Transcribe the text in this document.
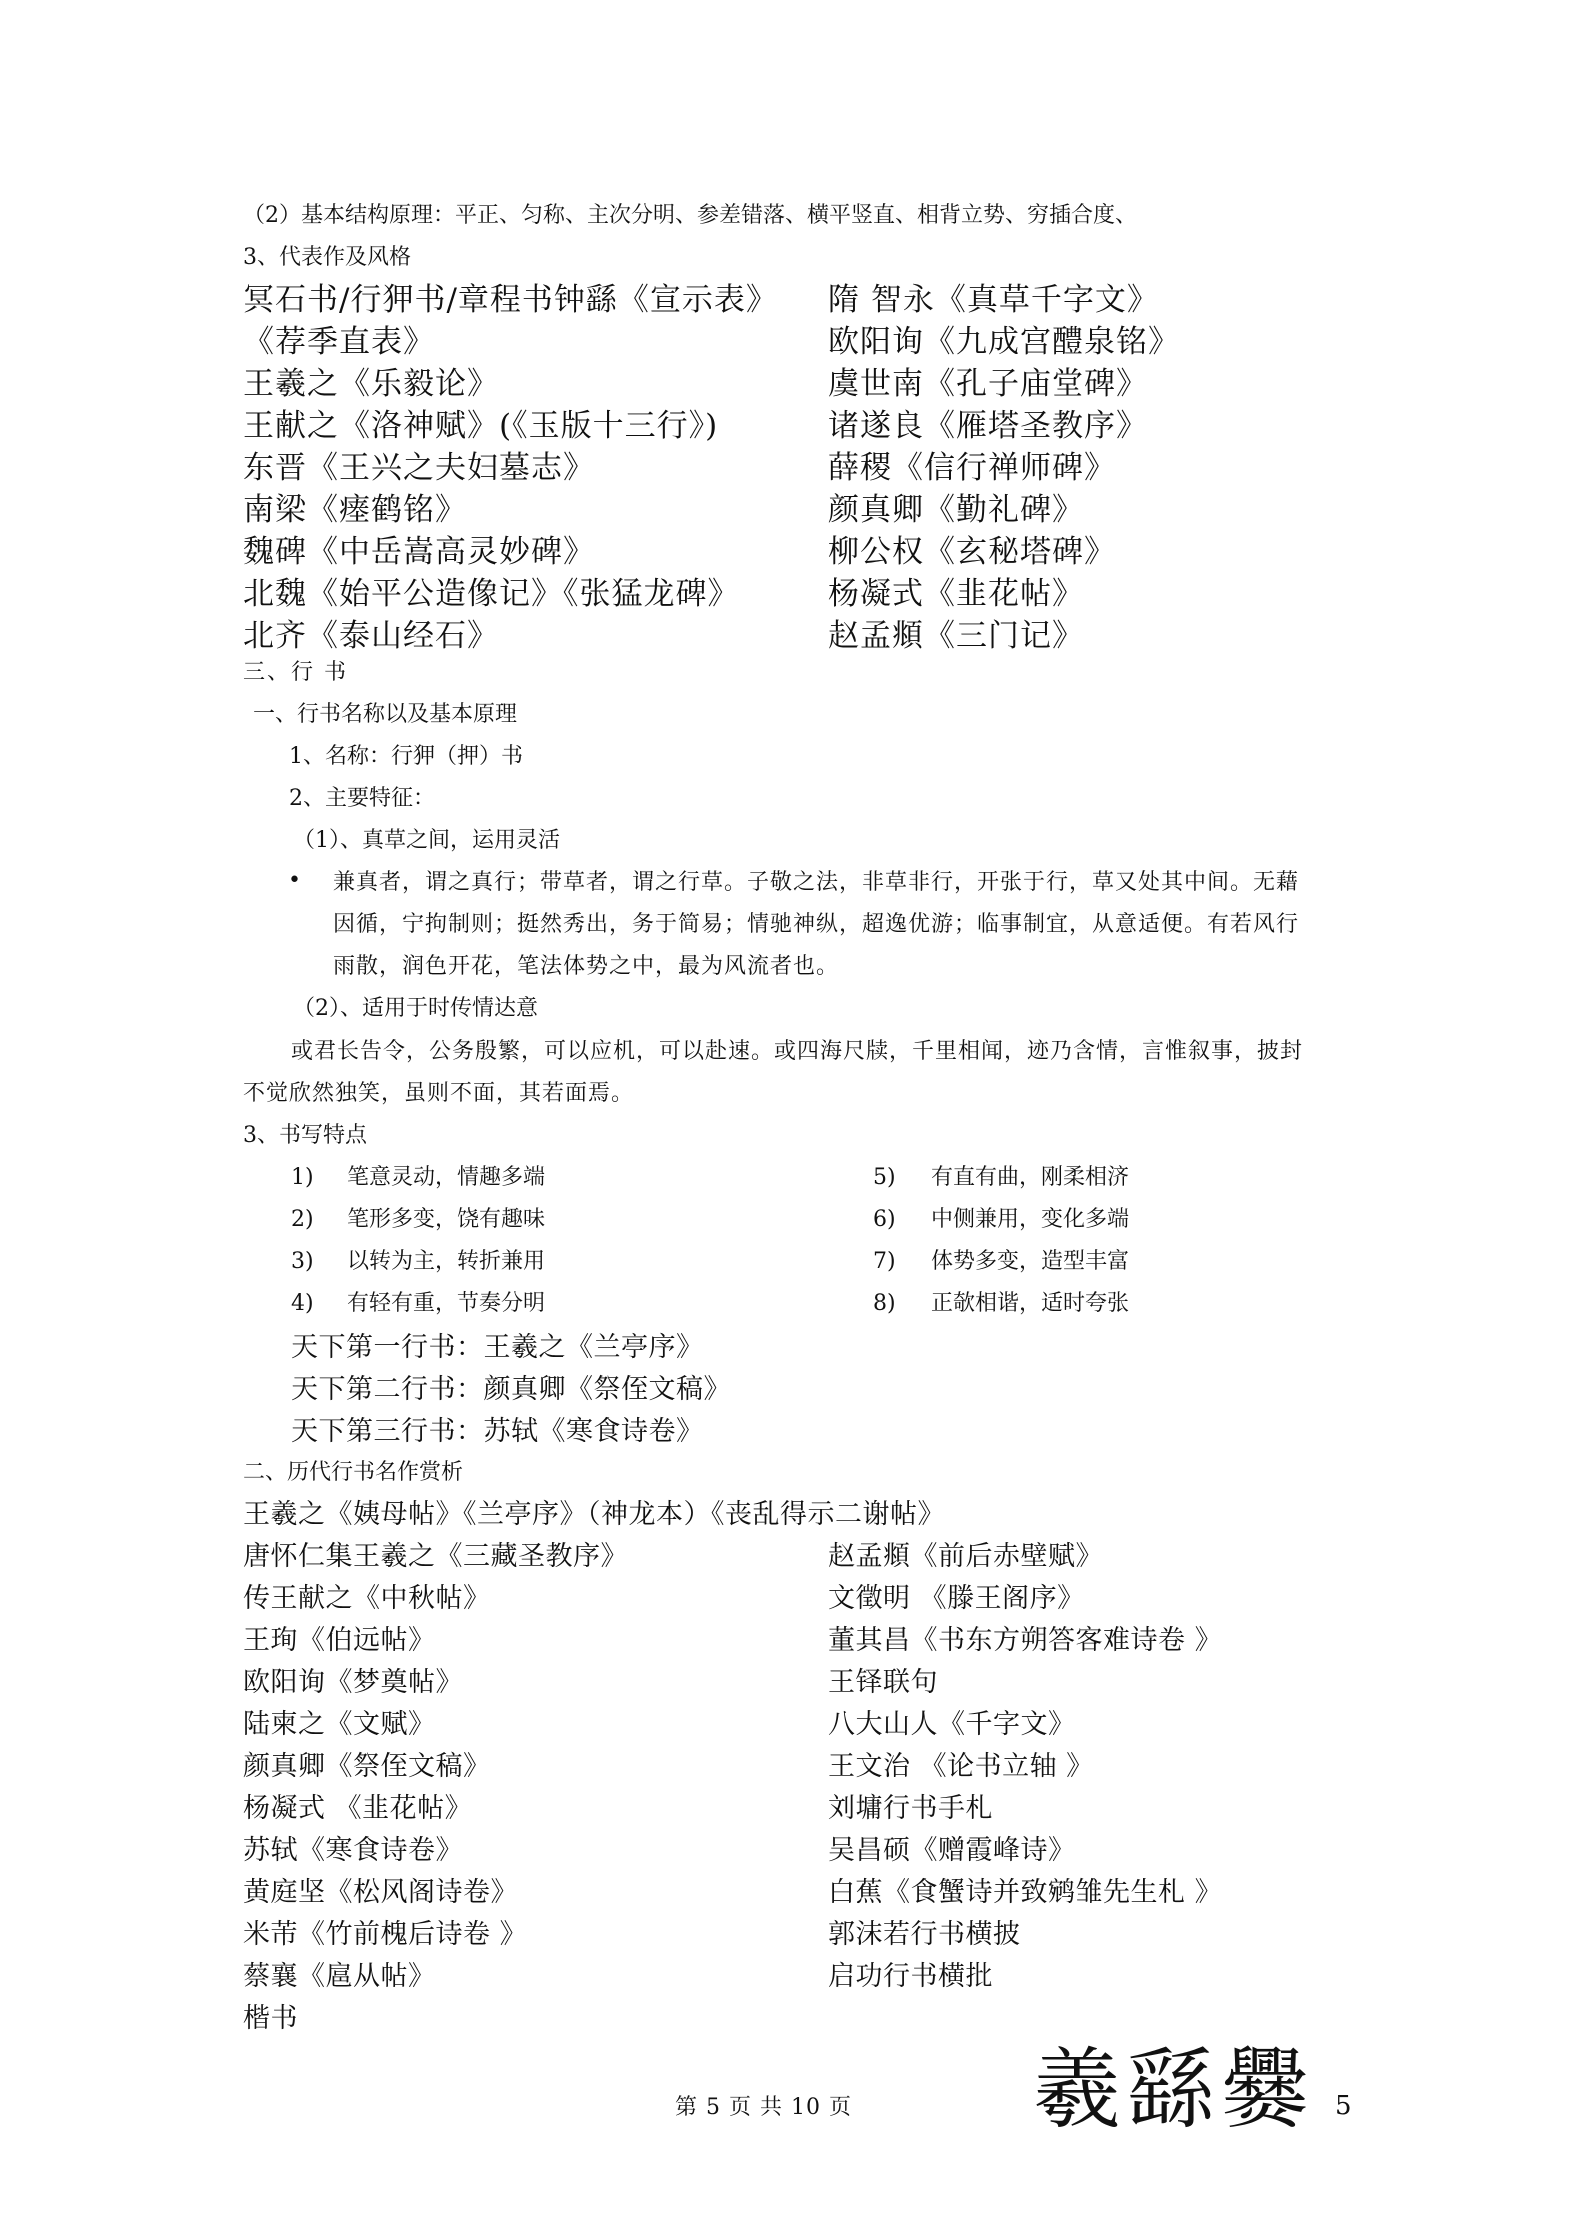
（2）基本结构原理：平正、匀称、主次分明、参差错落、横平竖直、相背立势、穷插合度、
3、代表作及风格
冥石书/行狎书/章程书钟繇《宣示表》
《荐季直表》
王羲之《乐毅论》
王献之《洛神赋》(《玉版十三行》)
东晋《王兴之夫妇墓志》
南梁《瘗鹤铭》
魏碑《中岳嵩高灵妙碑》
北魏《始平公造像记》《张猛龙碑》
北齐《泰山经石》
隋 智永《真草千字文》
欧阳询《九成宫醴泉铭》
虞世南《孔子庙堂碑》
诸遂良《雁塔圣教序》
薛稷《信行禅师碑》
颜真卿《勤礼碑》
柳公权《玄秘塔碑》
杨凝式《韭花帖》
赵孟頫《三门记》
三、行 书
一、行书名称以及基本原理
1、名称：行狎（押）书
2、主要特征：
（1）、真草之间，运用灵活
• 兼真者，谓之真行；带草者，谓之行草。子敬之法，非草非行，开张于行，草又处其中间。无藉
因循，宁拘制则；挺然秀出，务于简易；情驰神纵，超逸优游；临事制宜，从意适便。有若风行
雨散，润色开花，笔法体势之中，最为风流者也。
（2）、适用于时传情达意
或君长告令，公务殷繁，可以应机，可以赴速。或四海尺牍，千里相闻，迹乃含情，言惟叙事，披封
不觉欣然独笑，虽则不面，其若面焉。
3、书写特点
1) 笔意灵动，情趣多端
2) 笔形多变，饶有趣味
3) 以转为主，转折兼用
4) 有轻有重，节奏分明
5) 有直有曲，刚柔相济
6) 中侧兼用，变化多端
7) 体势多变，造型丰富
8) 正欹相谐，适时夸张
天下第一行书：王羲之《兰亭序》
天下第二行书：颜真卿《祭侄文稿》
天下第三行书：苏轼《寒食诗卷》
二、历代行书名作赏析
王羲之《姨母帖》《兰亭序》（神龙本）《丧乱得示二谢帖》
唐怀仁集王羲之《三藏圣教序》
传王献之《中秋帖》
王珣《伯远帖》
欧阳询《梦奠帖》
陆柬之《文赋》
颜真卿《祭侄文稿》
杨凝式 《韭花帖》
苏轼《寒食诗卷》
黄庭坚《松风阁诗卷》
米芾《竹前槐后诗卷 》
蔡襄《扈从帖》
赵孟頫《前后赤壁赋》
文徵明 《滕王阁序》
董其昌《书东方朔答客难诗卷 》
王铎联句
八大山人《千字文》
王文治 《论书立轴 》
刘墉行书手札
吴昌硕《赠霞峰诗》
白蕉《食蟹诗并致鹓雏先生札 》
郭沫若行书横披
启功行书横批
楷书
第 5 页 共 10 页 羲繇爨 5
